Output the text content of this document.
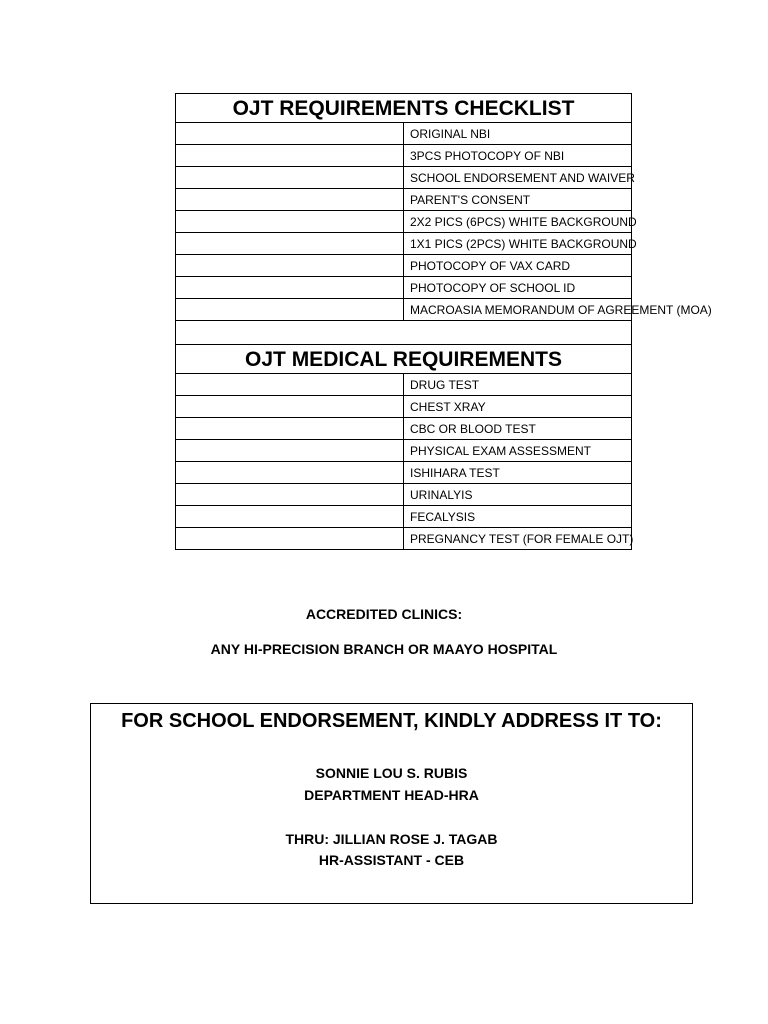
OJT REQUIREMENTS CHECKLIST	
	ORIGINAL NBI
	3PCS PHOTOCOPY OF NBI
	SCHOOL ENDORSEMENT AND WAIVER
	PARENT'S CONSENT
	2X2 PICS (6PCS) WHITE BACKGROUND
	1X1 PICS (2PCS) WHITE BACKGROUND
	PHOTOCOPY OF VAX CARD
	PHOTOCOPY OF SCHOOL ID
	MACROASIA MEMORANDUM OF AGREEMENT (MOA)

OJT MEDICAL REQUIREMENTS	
	DRUG TEST
	CHEST XRAY
	CBC OR BLOOD TEST
	PHYSICAL EXAM ASSESSMENT
	ISHIHARA TEST
	URINALYIS
	FECALYSIS
	PREGNANCY TEST (FOR FEMALE OJT)
ACCREDITED CLINICS:
ANY HI-PRECISION BRANCH OR MAAYO HOSPITAL
FOR SCHOOL ENDORSEMENT, KINDLY ADDRESS IT TO:
SONNIE LOU S. RUBIS
DEPARTMENT HEAD-HRA
THRU: JILLIAN ROSE J. TAGAB
HR-ASSISTANT - CEB
